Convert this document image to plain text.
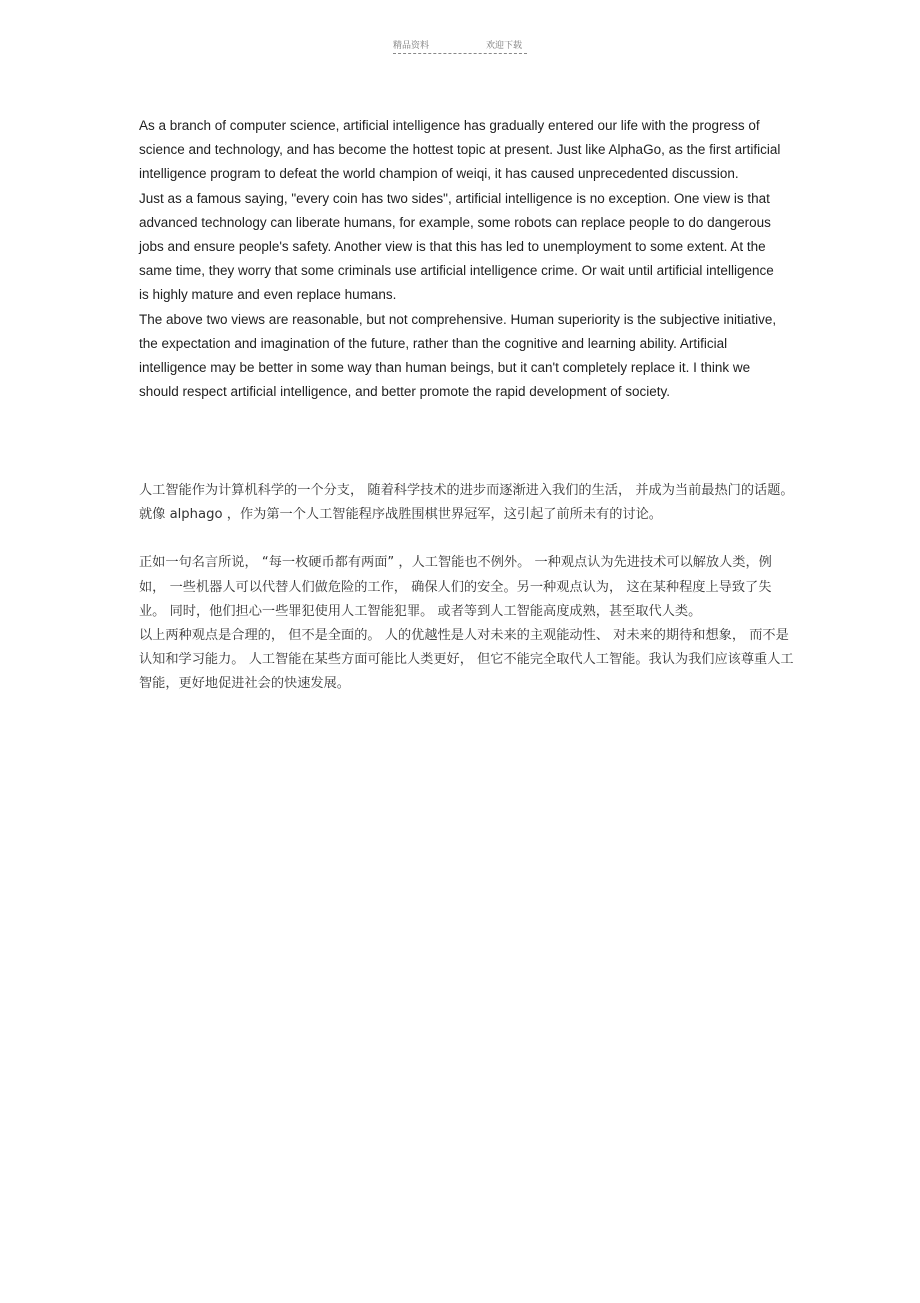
精品资料	欢迎下载

As a branch of computer science, artificial intelligence has gradually entered our life with the progress of science and technology, and has become the hottest topic at present. Just like AlphaGo, as the first artificial intelligence program to defeat the world champion of weiqi, it has caused unprecedented discussion.

Just as a famous saying, "every coin has two sides", artificial intelligence is no exception. One view is that advanced technology can liberate humans, for example, some robots can replace people to do dangerous jobs and ensure people's safety. Another view is that this has led to unemployment to some extent. At the same time, they worry that some criminals use artificial intelligence crime. Or wait until artificial intelligence is highly mature and even replace humans.

The above two views are reasonable, but not comprehensive. Human superiority is the subjective initiative, the expectation and imagination of the future, rather than the cognitive and learning ability. Artificial intelligence may be better in some way than human beings, but it can't completely replace it. I think we should respect artificial intelligence, and better promote the rapid development of society.

人工智能作为计算机科学的一个分支， 随着科学技术的进步而逐渐进入我们的生活， 并成为当前最热门的话题。就像 alphago ，作为第一个人工智能程序战胜围棋世界冠军，这引起了前所未有的讨论。

正如一句名言所说， “每一枚硬币都有两面” ，人工智能也不例外。 一种观点认为先进技术可以解放人类，例如， 一些机器人可以代替人们做危险的工作， 确保人们的安全。另一种观点认为， 这在某种程度上导致了失业。 同时，他们担心一些罪犯使用人工智能犯罪。 或者等到人工智能高度成熟，甚至取代人类。

以上两种观点是合理的， 但不是全面的。 人的优越性是人对未来的主观能动性、 对未来的期待和想象， 而不是认知和学习能力。 人工智能在某些方面可能比人类更好， 但它不能完全取代人工智能。我认为我们应该尊重人工智能，更好地促进社会的快速发展。
